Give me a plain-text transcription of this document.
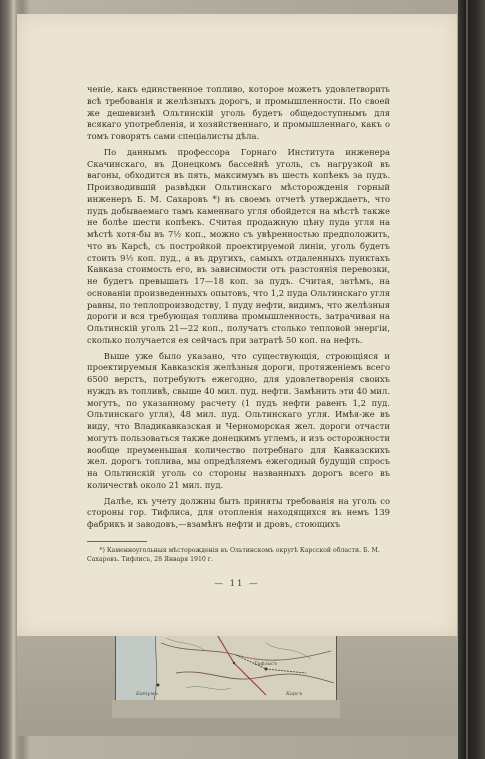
Батумъ
Тифлисъ
Карсъ

ченіе, какъ единственное топливо, которое можетъ удовлетворить всѣ требованія и желѣзныхъ дорогъ, и промышленности. По своей же дешевизнѣ Ольтинскій уголь будетъ общедоступнымъ для всякаго употребленія, и хозяйственнаго, и промышленнаго, какъ о томъ говорятъ сами спеціалисты дѣла.

По даннымъ профессора Горнаго Института инженера Скачинскаго, въ Донецкомъ бассейнѣ уголь, съ нагрузкой въ вагоны, обходится въ пять, максимумъ въ шесть копѣекъ за пудъ. Производившій развѣдки Ольтинскаго мѣсторожденія горный инженеръ Б. М. Сахаровъ *) въ своемъ отчетѣ утверждаетъ, что пудъ добываемаго тамъ каменнаго угля обойдется на мѣстѣ также не болѣе шести копѣекъ. Считая продажную цѣну пуда угля на мѣстѣ хотя-бы въ 7½ коп., можно съ увѣренностью предположить, что въ Карсѣ, съ постройкой проектируемой линіи, уголь будетъ стоить 9½ коп. пуд., а въ другихъ, самыхъ отдаленныхъ пунктахъ Кавказа стоимость его, въ зависимости отъ разстоянія перевозки, не будетъ превышать 17—18 коп. за пудъ. Считая, затѣмъ, на основаніи произведенныхъ опытовъ, что 1,2 пуда Ольтинскаго угля равны, по теплопроизводству, 1 пуду нефти, видимъ, что желѣзныя дороги и вся требующая топлива промышленность, затрачивая на Ольтинскій уголь 21—22 коп., получатъ столько тепловой энергіи, сколько получается ея сейчасъ при затратѣ 50 коп. на нефть.

Выше уже было указано, что существующія, строющіяся и проектируемыя Кавказскія желѣзныя дороги, протяженіемъ всего 6500 верстъ, потребуютъ ежегодно, для удовлетворенія своихъ нуждъ въ топливѣ, свыше 40 мил. пуд. нефти. Замѣнить эти 40 мил. могутъ, по указанному расчету (1 пудъ нефти равенъ 1,2 пуд. Ольтинскаго угля), 48 мил. пуд. Ольтинскаго угля. Имѣя-же въ виду, что Владикавказская и Черноморская жел. дороги отчасти могутъ пользоваться также донецкимъ углемъ, и изъ осторожности вообще преуменьшая количество потребнаго для Кавказскихъ жел. дорогъ топлива, мы опредѣляемъ ежегодный будущій спросъ на Ольтинскій уголь со стороны названныхъ дорогъ всего въ количествѣ около 21 мил. пуд.

Далѣе, къ учету должны быть приняты требованія на уголь со стороны гор. Тифлиса, для отопленія находящихся въ немъ 139 фабрикъ и заводовъ,—взамѣнъ нефти и дровъ, стоющихъ

*) Каменноугольныя мѣсторожденія въ Ольтинскомъ округѣ Карсской области. Б. М. Сахаровъ. Тифлисъ, 28 Января 1910 г.
— 11 —
